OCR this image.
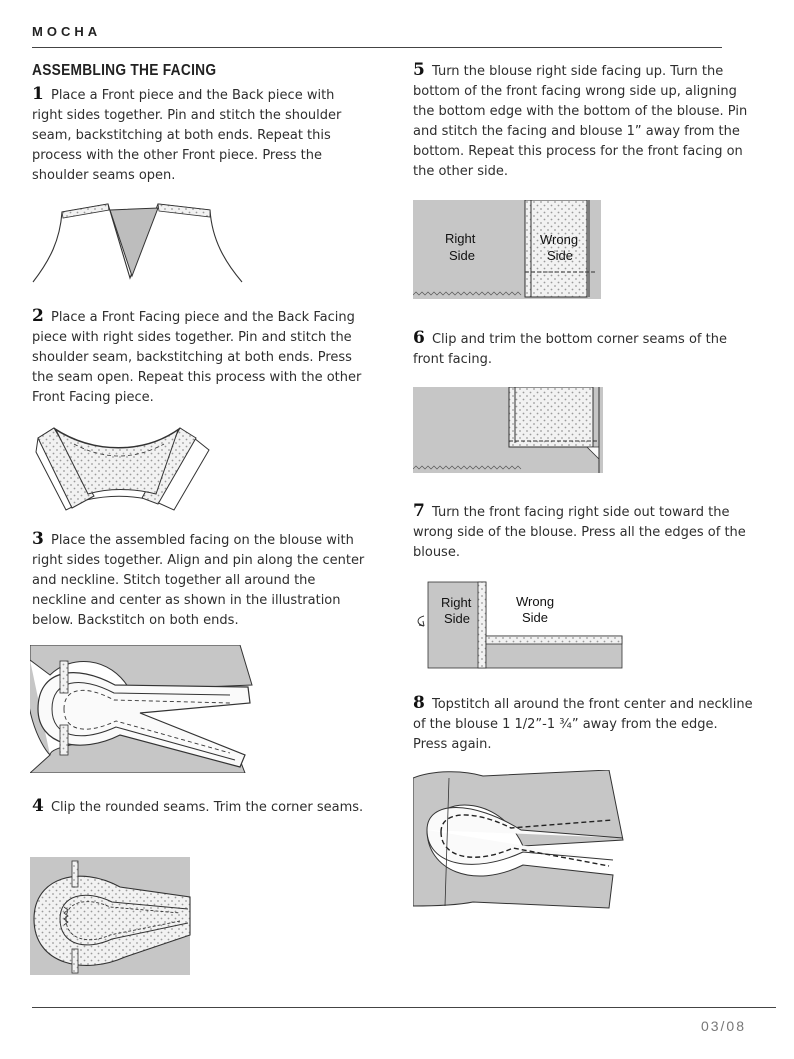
MOCHA
ASSEMBLING THE FACING
1 Place a Front piece and the Back piece with right sides together. Pin and stitch the shoulder seam, backstitching at both ends. Repeat this process with the other Front piece. Press the shoulder seams open.
2 Place a Front Facing piece and the Back Facing piece with right sides together. Pin and stitch the shoulder seam, backstitching at both ends. Press the seam open. Repeat this process with the other Front Facing piece.
3 Place the assembled facing on the blouse with right sides together. Align and pin along the center and neckline. Stitch together all around the neckline and center as shown in the illustration below. Backstitch on both ends.
4 Clip the rounded seams. Trim the corner seams.
5 Turn the blouse right side facing up. Turn the bottom of the front facing wrong side up, aligning the bottom edge with the bottom of the blouse. Pin and stitch the facing and blouse 1” away from the bottom. Repeat this process for the front facing on the other side.
Right
Side
Wrong
Side
6 Clip and trim the bottom corner seams of the front facing.
7 Turn the front facing right side out toward the wrong side of the blouse. Press all the edges of the blouse.
Right
Side
Wrong
Side
8 Topstitch all around the front center and neckline of the blouse 1 1/2”-1 ¾” away from the edge. Press again.
03/08
